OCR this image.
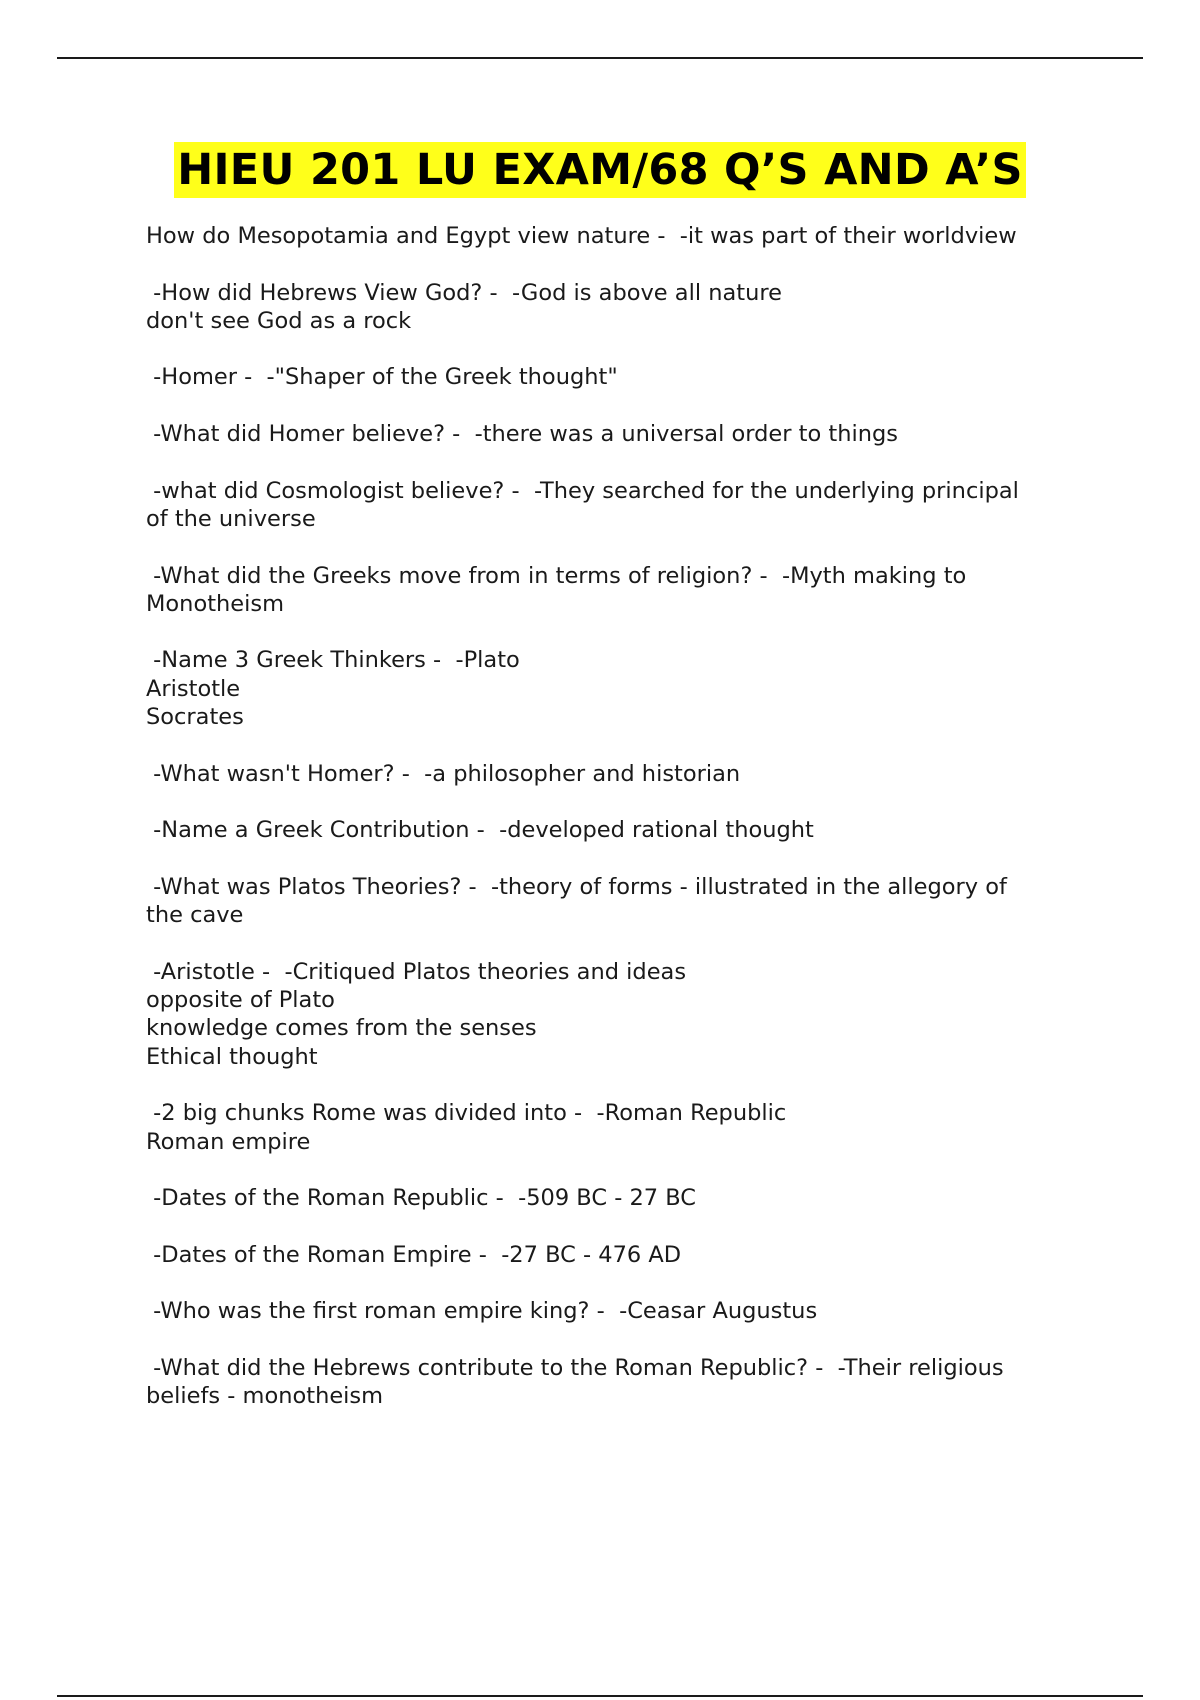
HIEU 201 LU EXAM/68 Q’S AND A’S
How do Mesopotamia and Egypt view nature -  -it was part of their worldview
-How did Hebrews View God? -  -God is above all nature
don't see God as a rock
-Homer -  -"Shaper of the Greek thought"
-What did Homer believe? -  -there was a universal order to things
-what did Cosmologist believe? -  -They searched for the underlying principal
of the universe
-What did the Greeks move from in terms of religion? -  -Myth making to
Monotheism
-Name 3 Greek Thinkers -  -Plato
Aristotle
Socrates
-What wasn't Homer? -  -a philosopher and historian
-Name a Greek Contribution -  -developed rational thought
-What was Platos Theories? -  -theory of forms - illustrated in the allegory of
the cave
-Aristotle -  -Critiqued Platos theories and ideas
opposite of Plato
knowledge comes from the senses
Ethical thought
-2 big chunks Rome was divided into -  -Roman Republic
Roman empire
-Dates of the Roman Republic -  -509 BC - 27 BC
-Dates of the Roman Empire -  -27 BC - 476 AD
-Who was the first roman empire king? -  -Ceasar Augustus
-What did the Hebrews contribute to the Roman Republic? -  -Their religious
beliefs - monotheism
